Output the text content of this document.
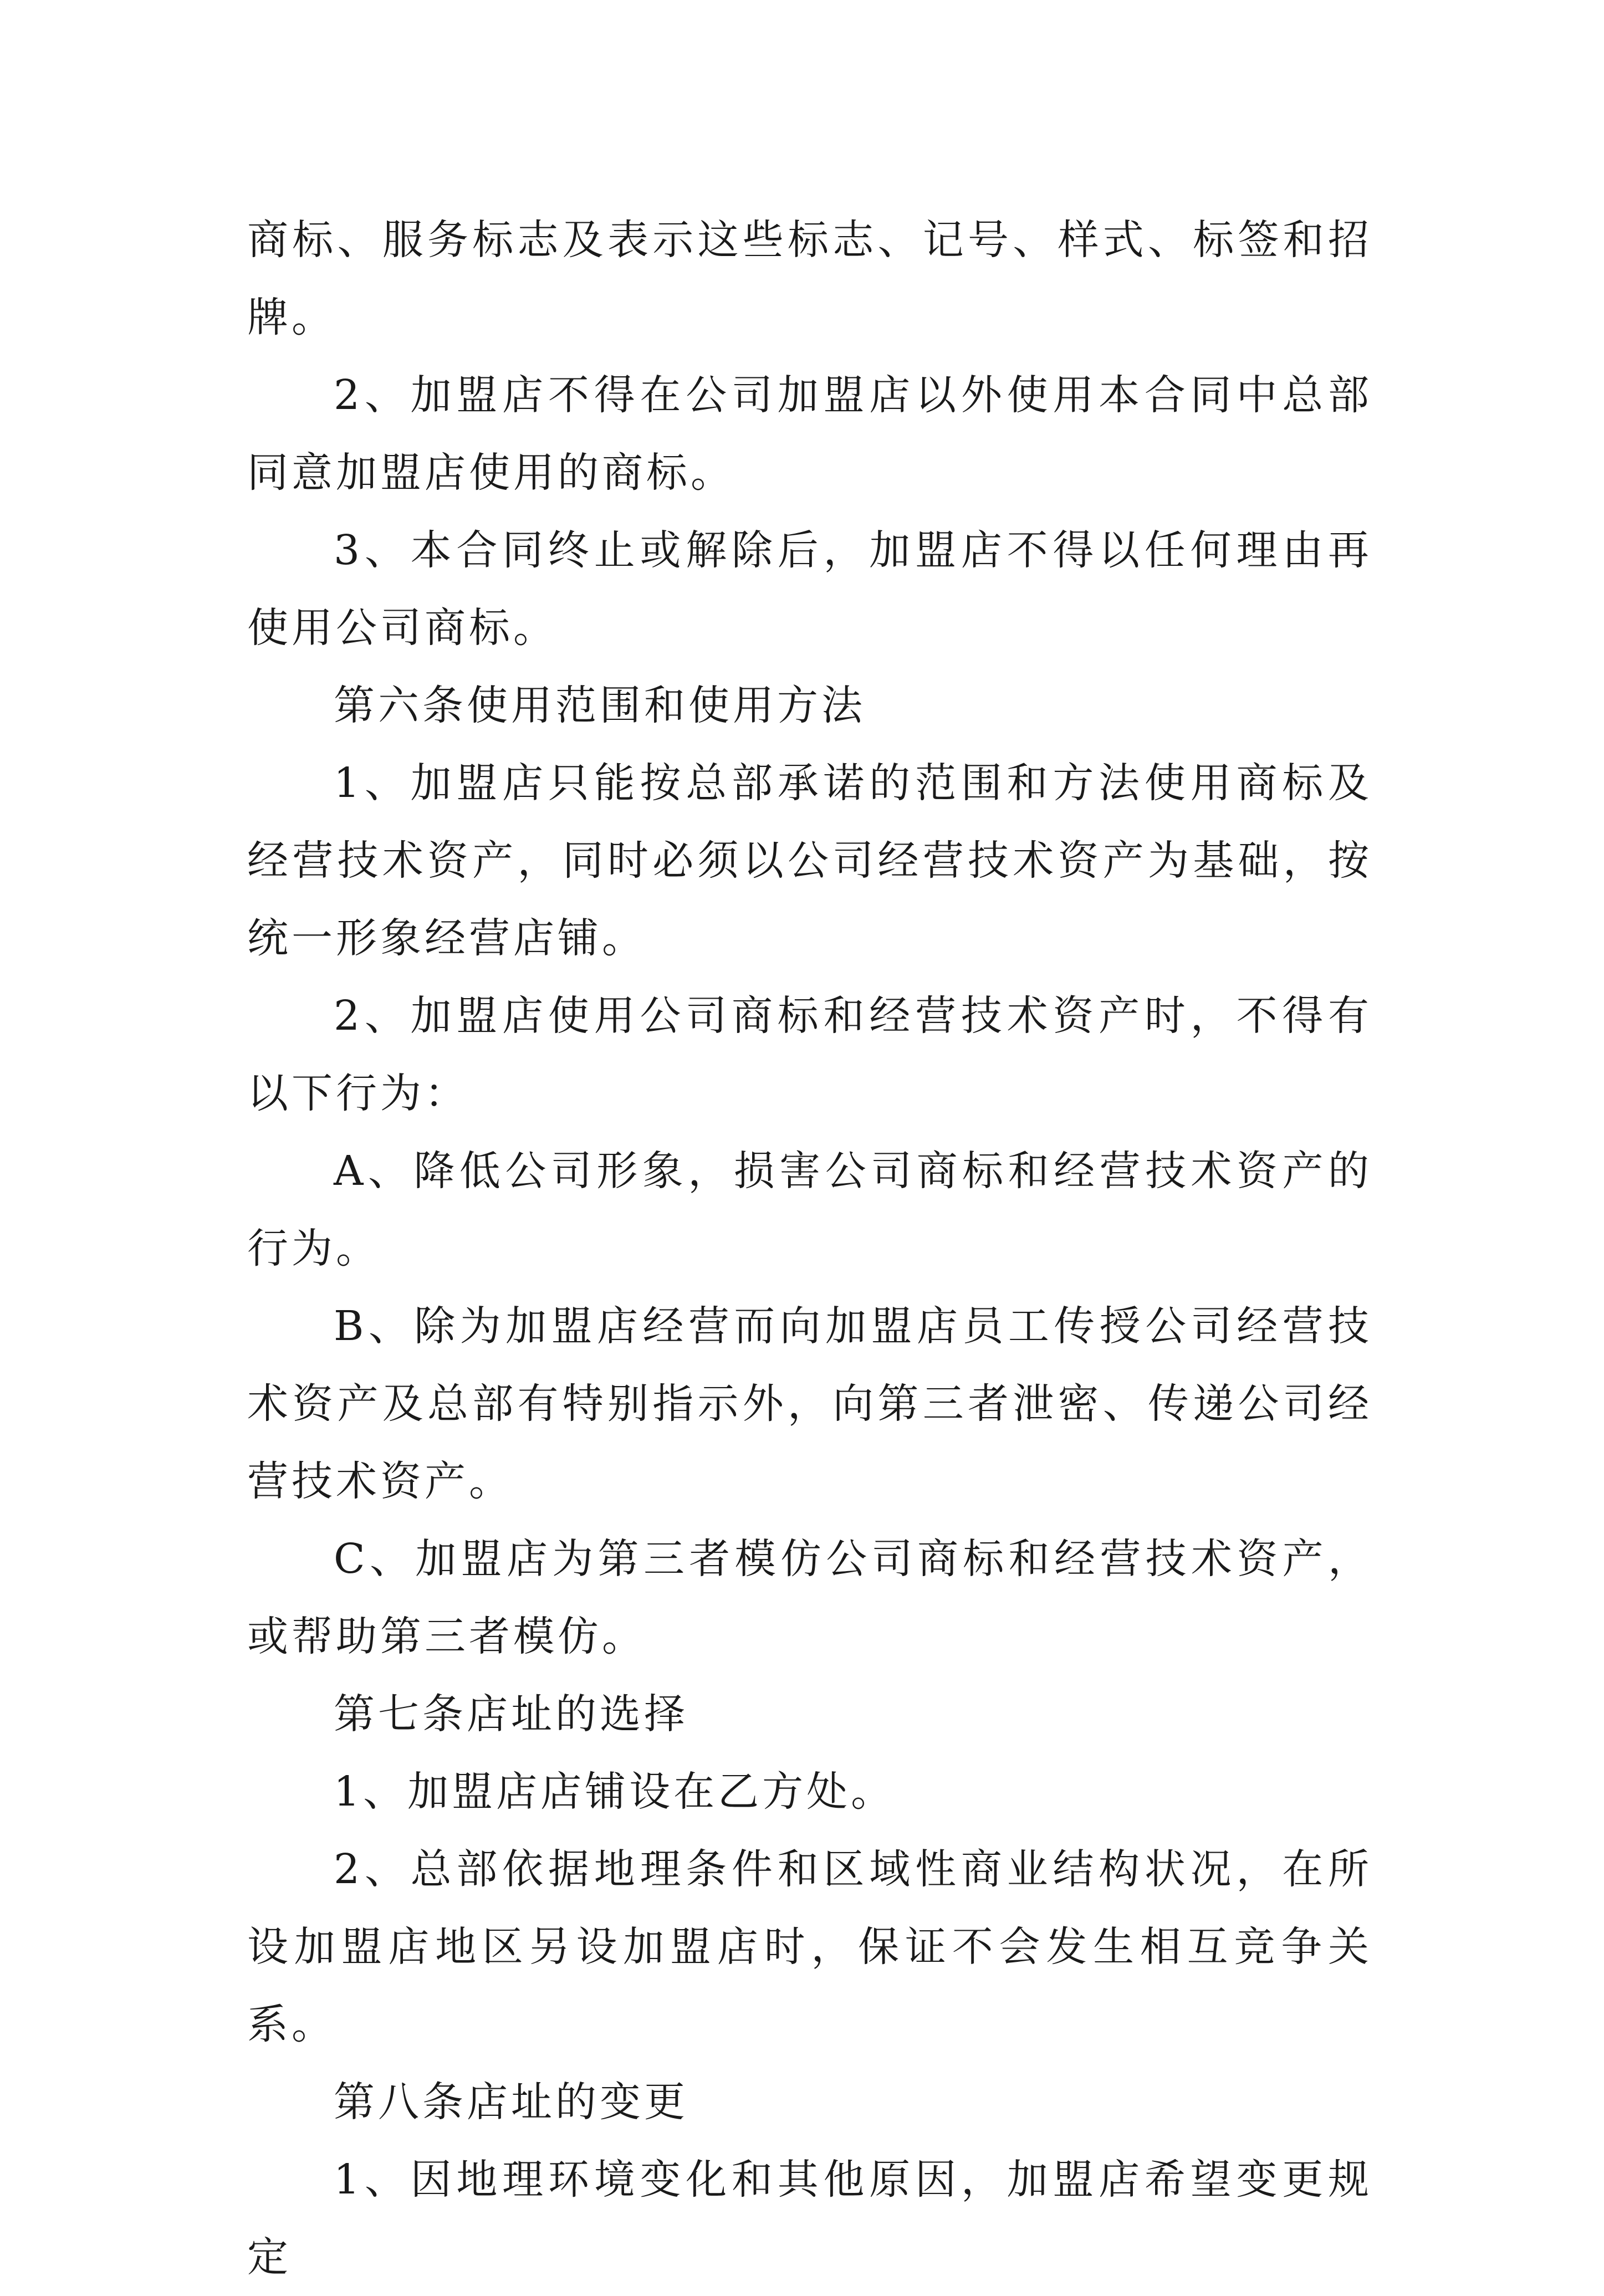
商标、服务标志及表示这些标志、记号、样式、标签和招牌。

2、加盟店不得在公司加盟店以外使用本合同中总部同意加盟店使用的商标。

3、本合同终止或解除后，加盟店不得以任何理由再使用公司商标。

第六条使用范围和使用方法

1、加盟店只能按总部承诺的范围和方法使用商标及经营技术资产，同时必须以公司经营技术资产为基础，按统一形象经营店铺。

2、加盟店使用公司商标和经营技术资产时，不得有以下行为：

A、降低公司形象，损害公司商标和经营技术资产的行为。

B、除为加盟店经营而向加盟店员工传授公司经营技术资产及总部有特别指示外，向第三者泄密、传递公司经营技术资产。

C、加盟店为第三者模仿公司商标和经营技术资产，或帮助第三者模仿。

第七条店址的选择

1、加盟店店铺设在乙方处。

2、总部依据地理条件和区域性商业结构状况，在所设加盟店地区另设加盟店时，保证不会发生相互竞争关系。

第八条店址的变更

1、因地理环境变化和其他原因，加盟店希望变更规定
